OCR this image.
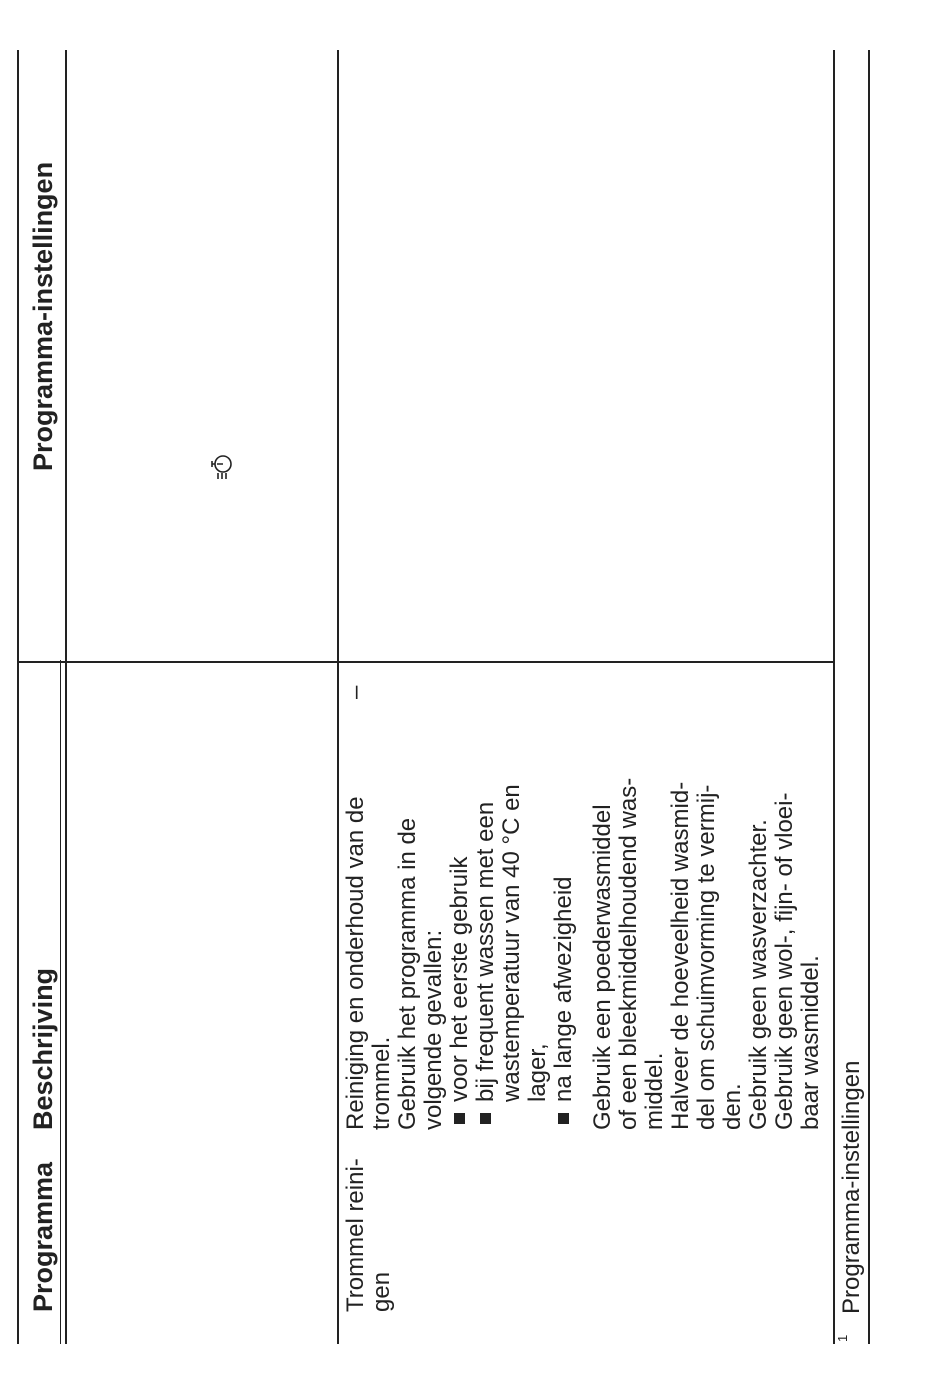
Programma
Beschrijving
Programma-instellingen
Trommel reini- gen
–
Reiniging en onderhoud van de trommel. Gebruik het programma in de volgende gevallen: voor het eerste gebruik bij frequent wassen met een wastemperatuur van 40 °C en lager, na lange afwezigheid Gebruik een poederwasmiddel of een bleekmiddelhoudend was- middel. Halveer de hoeveelheid wasmid- del om schuimvorming te vermij- den. Gebruik geen wasverzachter. Gebruik geen wol-, fijn- of vloei- baar wasmiddel.
1
Programma-instellingen
